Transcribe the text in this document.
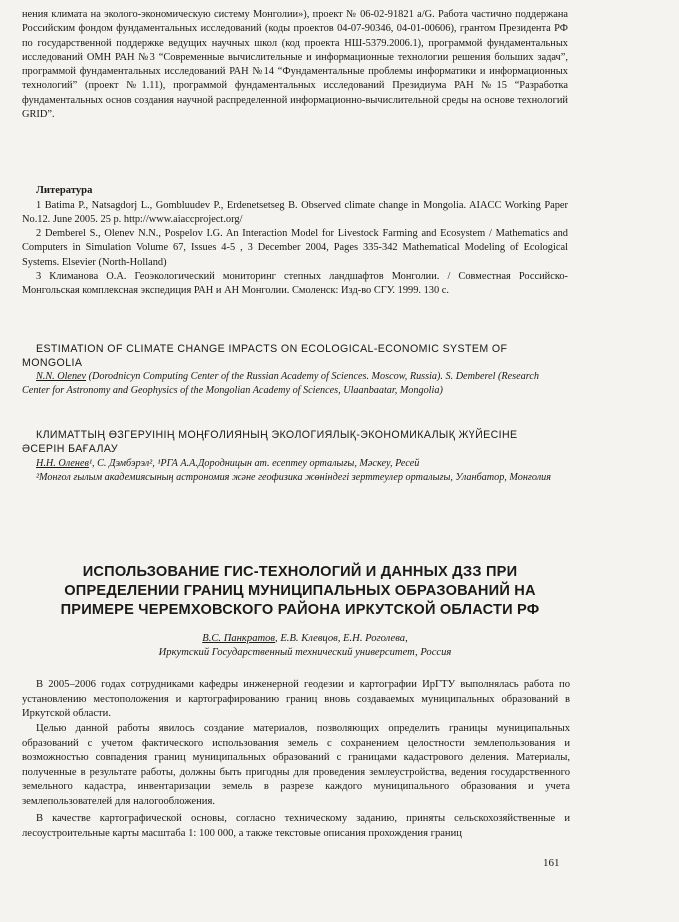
нения климата на эколого-экономическую систему Монголии»), проект № 06-02-91821 a/G. Работа частично поддержана Российским фондом фундаментальных исследований (коды проектов 04-07-90346, 04-01-00606), грантом Президента РФ по государственной поддержке ведущих научных школ (код проекта НШ-5379.2006.1), программой фундаментальных исследований ОМН РАН №3 “Современные вычислительные и информационные технологии решения больших задач”, программой фундаментальных исследований РАН №14 “Фундаментальные проблемы информатики и информационных технологий” (проект №1.11), программой фундаментальных исследований Президиума РАН №15 “Разработка фундаментальных основ создания научной распределенной информационно-вычислительной среды на основе технологий GRID”.

Литература

1 Batima P., Natsagdorj L., Gombluudev P., Erdenetsetseg B. Observed climate change in Mongolia. AIACC Working Paper No.12. June 2005. 25 p. http://www.aiaccproject.org/

2 Demberel S., Olenev N.N., Pospelov I.G. An Interaction Model for Livestock Farming and Ecosystem / Mathematics and Computers in Simulation Volume 67, Issues 4-5 , 3 December 2004, Pages 335-342 Mathematical Modeling of Ecological Systems. Elsevier (North-Holland)

3 Климанова О.А. Геоэкологический мониторинг степных ландшафтов Монголии. / Совместная Российско-Монгольская комплексная экспедиция РАН и АН Монголии. Смоленск: Изд-во СГУ. 1999. 130 с.

ESTIMATION OF CLIMATE CHANGE IMPACTS ON ECOLOGICAL-ECONOMIC SYSTEM OF MONGOLIA

N.N. Olenev (Dorodnicyn Computing Center of the Russian Academy of Sciences. Moscow, Russia). S. Demberel (Research Center for Astronomy and Geophysics of the Mongolian Academy of Sciences, Ulaanbaatar, Mongolia)

КЛИМАТТЫҢ ӨЗГЕРУІНІҢ МОҢҒОЛИЯНЫҢ ЭКОЛОГИЯЛЫҚ-ЭКОНОМИКАЛЫҚ ЖҮЙЕСІНЕ ӘСЕРІН БАҒАЛАУ

Н.Н. Оленев¹, С. Дэмбэрэл², ¹РГА А.А.Дородницын ат. есептеу орталығы, Мәскеу, Ресей

²Монғол ғылым академиясының астрономия және геофизика жөніндегі зерттеулер орталығы, Уланбатор, Монғолия

ИСПОЛЬЗОВАНИЕ ГИС-ТЕХНОЛОГИЙ И ДАННЫХ ДЗЗ ПРИ ОПРЕДЕЛЕНИИ ГРАНИЦ МУНИЦИПАЛЬНЫХ ОБРАЗОВАНИЙ НА ПРИМЕРЕ ЧЕРЕМХОВСКОГО РАЙОНА ИРКУТСКОЙ ОБЛАСТИ РФ

В.С. Панкратов, Е.В. Клевцов, Е.Н. Роголева,

Иркутский Государственный технический университет, Россия

В 2005–2006 годах сотрудниками кафедры инженерной геодезии и картографии ИрГТУ выполнялась работа по установлению местоположения и картографированию границ вновь создаваемых муниципальных образований в Иркутской области.

Целью данной работы явилось создание материалов, позволяющих определить границы муниципальных образований с учетом фактического использования земель с сохранением целостности землепользования и возможностью совпадения границ муниципальных образований с границами кадастрового деления. Материалы, полученные в результате работы, должны быть пригодны для проведения землеустройства, ведения государственного земельного кадастра, инвентаризации земель в разрезе каждого муниципального образования и учета землепользователей для налогообложения.

В качестве картографической основы, согласно техническому заданию, приняты сельскохозяйственные и лесоустроительные карты масштаба 1: 100 000, а также текстовые описания прохождения границ

161
